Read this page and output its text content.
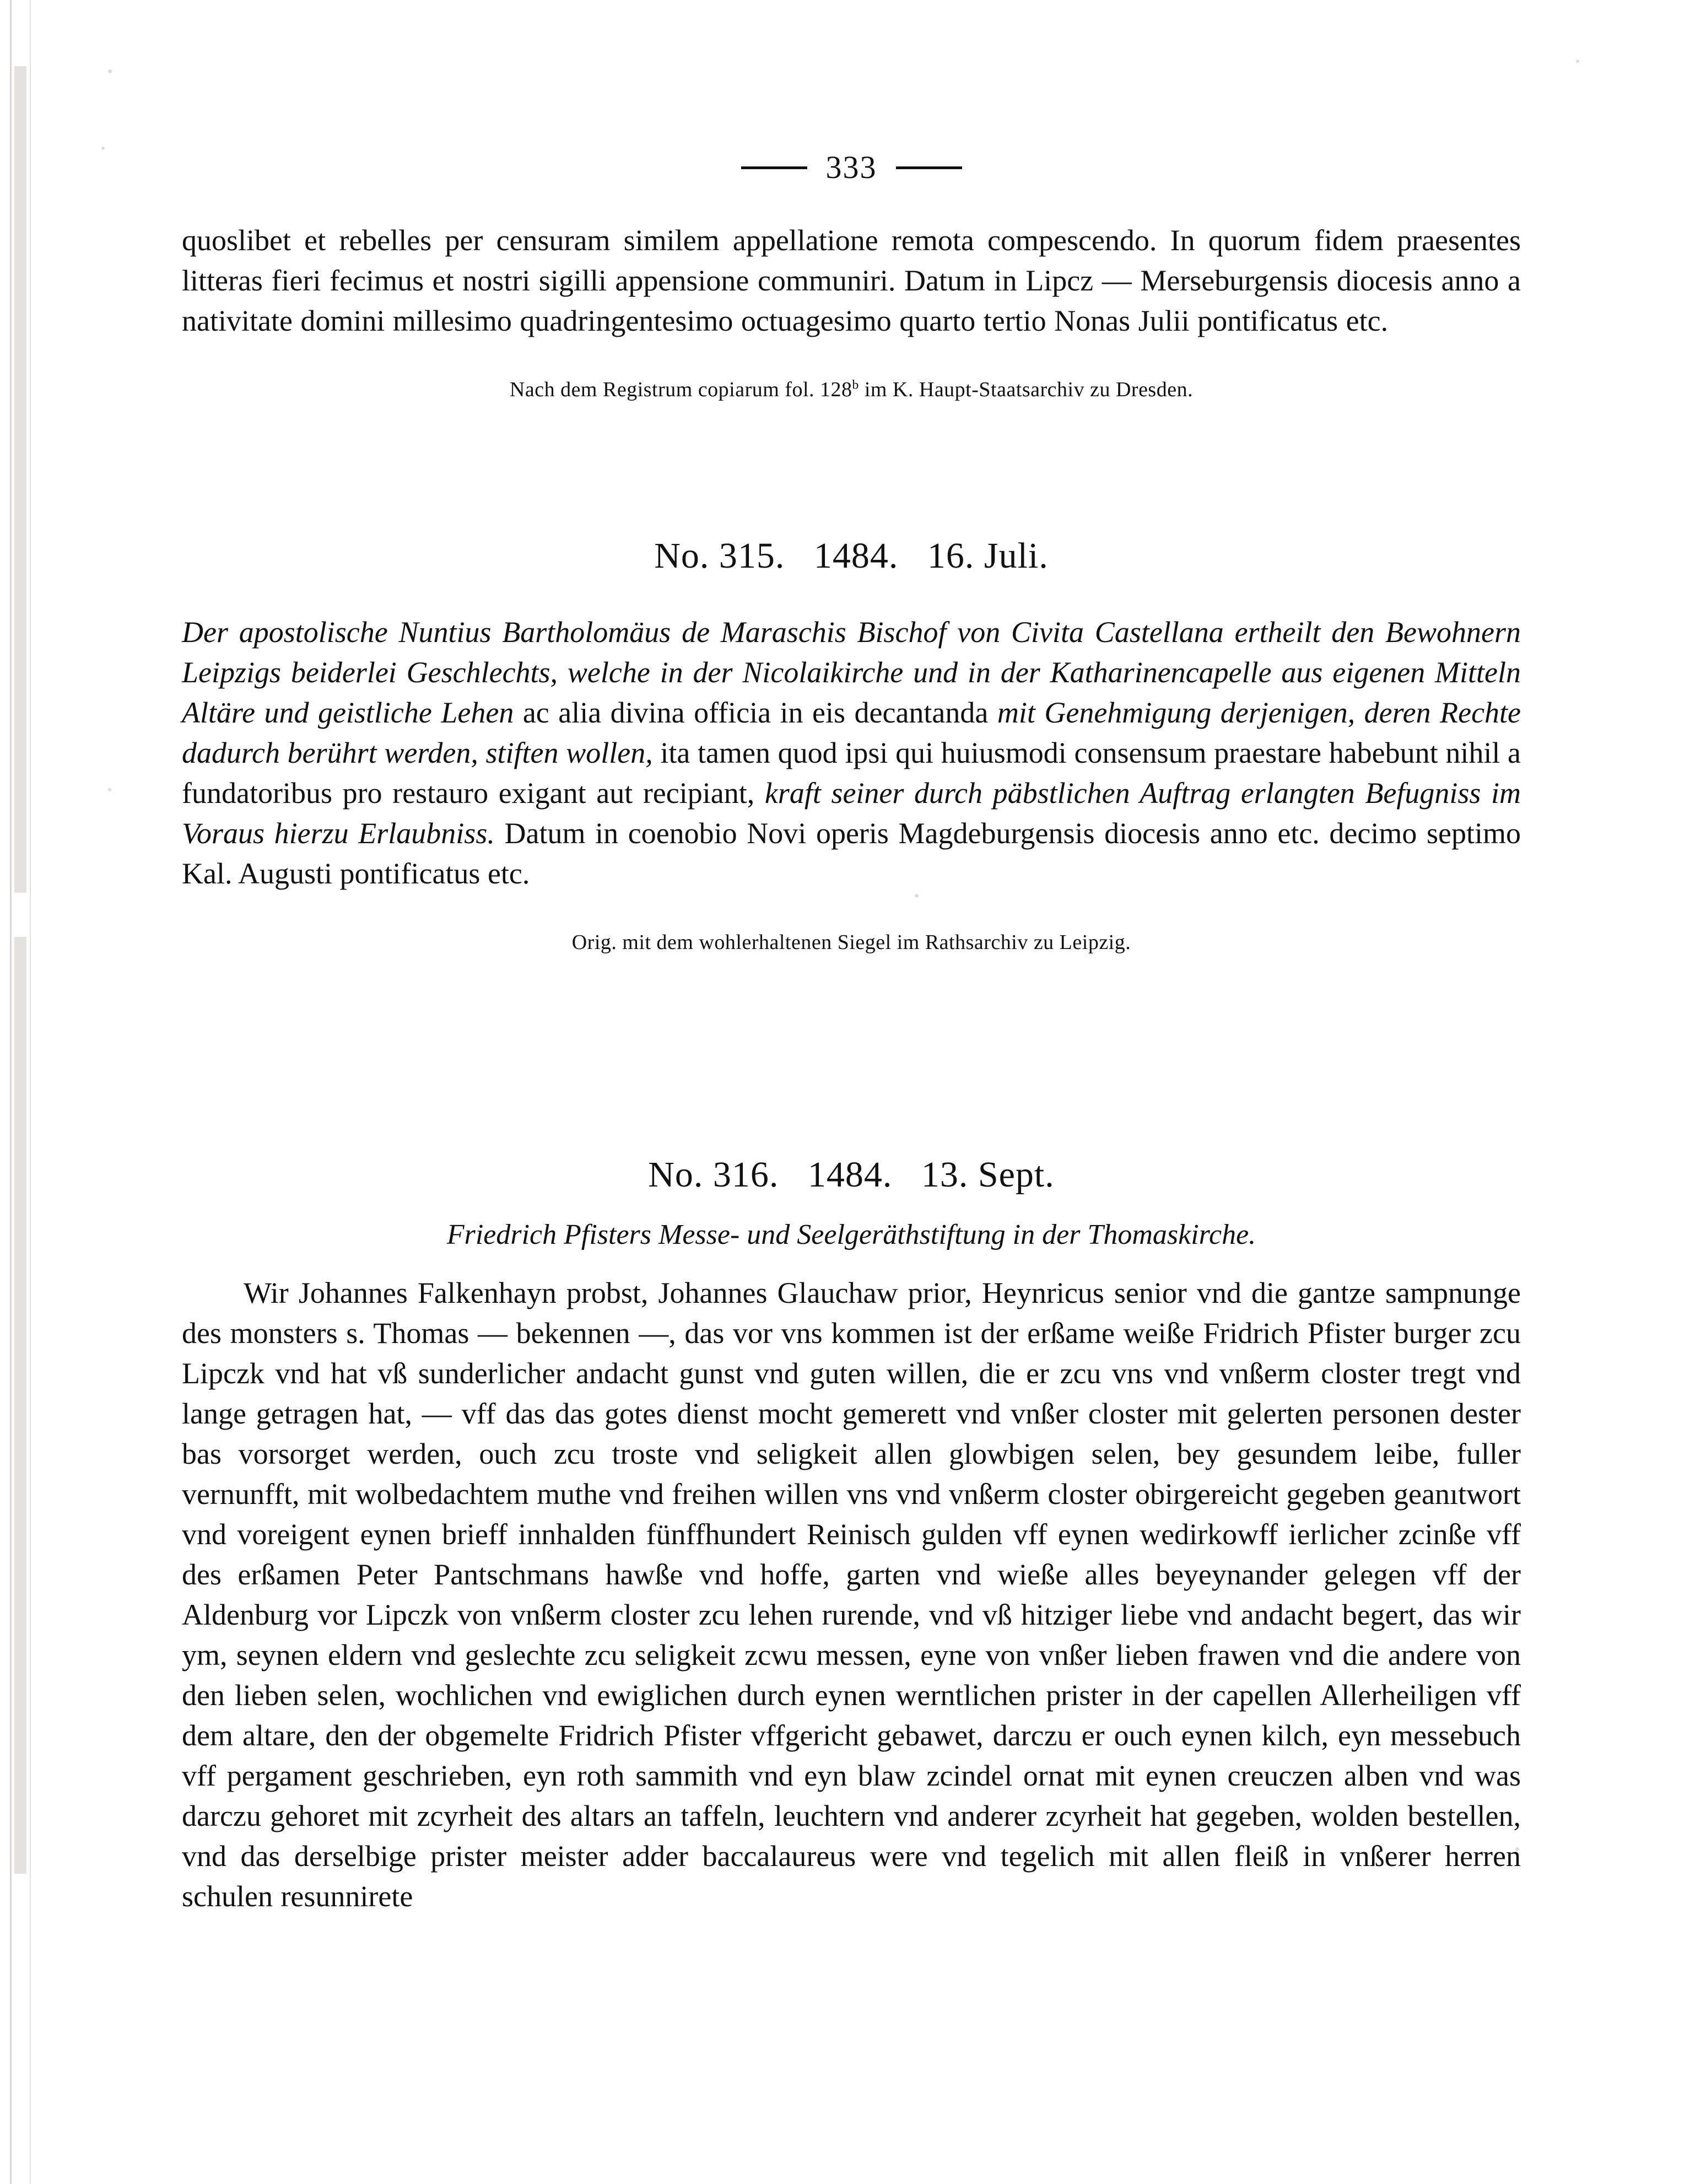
333
quoslibet et rebelles per censuram similem appellatione remota compescendo. In quorum fidem praesentes litteras fieri fecimus et nostri sigilli appensione communiri. Datum in Lipcz — Merseburgensis diocesis anno a nativitate domini millesimo quadringentesimo octuagesimo quarto tertio Nonas Julii pontificatus etc.
Nach dem Registrum copiarum fol. 128$^b$ im K. Haupt-Staatsarchiv zu Dresden.
No. 315.   1484.   16. Juli.
Der apostolische Nuntius Bartholomäus de Maraschis Bischof von Civita Castellana ertheilt den Bewohnern Leipzigs beiderlei Geschlechts, welche in der Nicolaikirche und in der Katharinencapelle aus eigenen Mitteln Altäre und geistliche Lehen ac alia divina officia in eis decantanda mit Genehmigung derjenigen, deren Rechte dadurch berührt werden, stiften wollen, ita tamen quod ipsi qui huiusmodi consensum praestare habebunt nihil a fundatoribus pro restauro exigant aut recipiant, kraft seiner durch päbstlichen Auftrag erlangten Befugniss im Voraus hierzu Erlaubniss. Datum in coenobio Novi operis Magdeburgensis diocesis anno etc. decimo septimo Kal. Augusti pontificatus etc.
Orig. mit dem wohlerhaltenen Siegel im Rathsarchiv zu Leipzig.
No. 316.   1484.   13. Sept.
Friedrich Pfisters Messe- und Seelgeräthstiftung in der Thomaskirche.
Wir Johannes Falkenhayn probst, Johannes Glauchaw prior, Heynricus senior vnd die gantze sampnunge des monsters s. Thomas — bekennen —, das vor vns kommen ist der erßame weiße Fridrich Pfister burger zcu Lipczk vnd hat vß sunderlicher andacht gunst vnd guten willen, die er zcu vns vnd vnßerm closter tregt vnd lange getragen hat, — vff das das gotes dienst mocht gemerett vnd vnßer closter mit gelerten personen dester bas vorsorget werden, ouch zcu troste vnd seligkeit allen glowbigen selen, bey gesundem leibe, fuller vernunfft, mit wolbedachtem muthe vnd freihen willen vns vnd vnßerm closter obirgereicht gegeben geanıtwort vnd voreigent eynen brieff innhalden fünffhundert Reinisch gulden vff eynen wedirkowff ierlicher zcinße vff des erßamen Peter Pantschmans hawße vnd hoffe, garten vnd wieße alles beyeynander gelegen vff der Aldenburg vor Lipczk von vnßerm closter zcu lehen rurende, vnd vß hitziger liebe vnd andacht begert, das wir ym, seynen eldern vnd geslechte zcu seligkeit zcwu messen, eyne von vnßer lieben frawen vnd die andere von den lieben selen, wochlichen vnd ewiglichen durch eynen werntlichen prister in der capellen Allerheiligen vff dem altare, den der obgemelte Fridrich Pfister vffgericht gebawet, darczu er ouch eynen kilch, eyn messebuch vff pergament geschrieben, eyn roth sammith vnd eyn blaw zcindel ornat mit eynen creuczen alben vnd was darczu gehoret mit zcyrheit des altars an taffeln, leuchtern vnd anderer zcyrheit hat gegeben, wolden bestellen, vnd das derselbige prister meister adder baccalaureus were vnd tegelich mit allen fleiß in vnßerer herren schulen resunnirete
